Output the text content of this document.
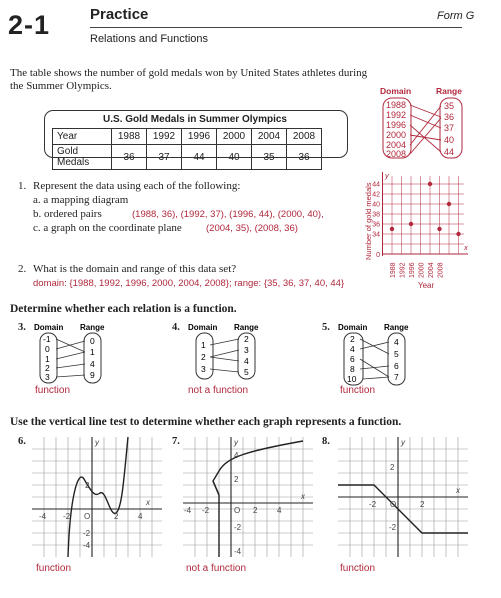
2-1	Practice	Form G
Relations and Functions
The table shows the number of gold medals won by United States athletes during
the Summer Olympics.
U.S. Gold Medals in Summer Olympics
Year	1988	1992	1996	2000	2004	2008
Gold Medals	36	37	44	40	35	36
Domain	Range
1988
1992
1996
2000
2004
2008
35
36
37
40
44
1. Represent the data using each of the following:
a. a mapping diagram
b. ordered pairs	(1988, 36), (1992, 37), (1996, 44), (2000, 40),
c. a graph on the coordinate plane	(2004, 35), (2008, 36)
2. What is the domain and range of this data set?
domain: {1988, 1992, 1996, 2000, 2004, 2008}; range: {35, 36, 37, 40, 44}
Number of gold medals
y
x
44
42
40
38
36
34
0
1988 1992 1996 2000 2004 2008
Year
Determine whether each relation is a function.
3. Domain Range
-1
0
1
2
3
0
1
4
9
function
4. Domain Range
1
2
3
2
3
4
5
not a function
5. Domain Range
2
4
6
8
10
4
5
6
7
function
Use the vertical line test to determine whether each graph represents a function.
6.	y
x
O	2 4
-2
-4
2
-2
-4
function
7.	y
x
O 2 4
-2
-4
4
2
-2
-4
not a function
8.	y
x
O	2
-2
2
-2
function
